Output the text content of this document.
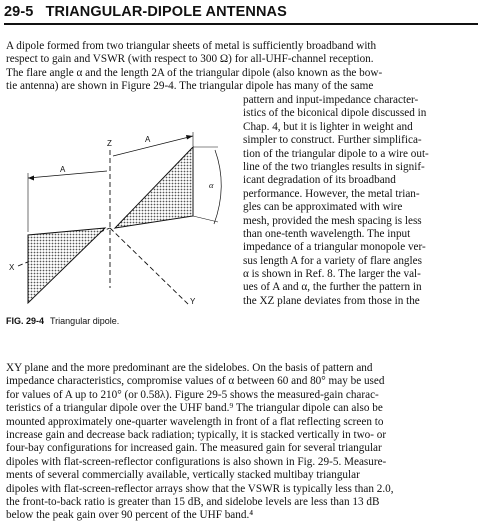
29-5 TRIANGULAR-DIPOLE ANTENNAS
A dipole formed from two triangular sheets of metal is sufficiently broadband with
respect to gain and VSWR (with respect to 300 Ω) for all-UHF-channel reception.
The flare angle α and the length 2A of the triangular dipole (also known as the bow-
tie antenna) are shown in Figure 29-4. The triangular dipole has many of the same
pattern and input-impedance character-
istics of the biconical dipole discussed in
Chap. 4, but it is lighter in weight and
simpler to construct. Further simplifica-
tion of the triangular dipole to a wire out-
line of the two triangles results in signif-
icant degradation of its broadband
performance. However, the metal trian-
gles can be approximated with wire
mesh, provided the mesh spacing is less
than one-tenth wavelength. The input
impedance of a triangular monopole ver-
sus length A for a variety of flare angles
α is shown in Ref. 8. The larger the val-
ues of A and α, the further the pattern in
the XZ plane deviates from those in the
Z
X
Y
A
A
α
FIG. 29-4 Triangular dipole.
XY plane and the more predominant are the sidelobes. On the basis of pattern and
impedance characteristics, compromise values of α between 60 and 80° may be used
for values of A up to 210° (or 0.58λ). Figure 29-5 shows the measured-gain charac-
teristics of a triangular dipole over the UHF band.⁹ The triangular dipole can also be
mounted approximately one-quarter wavelength in front of a flat reflecting screen to
increase gain and decrease back radiation; typically, it is stacked vertically in two- or
four-bay configurations for increased gain. The measured gain for several triangular
dipoles with flat-screen-reflector configurations is also shown in Fig. 29-5. Measure-
ments of several commercially available, vertically stacked multibay triangular
dipoles with flat-screen-reflector arrays show that the VSWR is typically less than 2.0,
the front-to-back ratio is greater than 15 dB, and sidelobe levels are less than 13 dB
below the peak gain over 90 percent of the UHF band.⁴
